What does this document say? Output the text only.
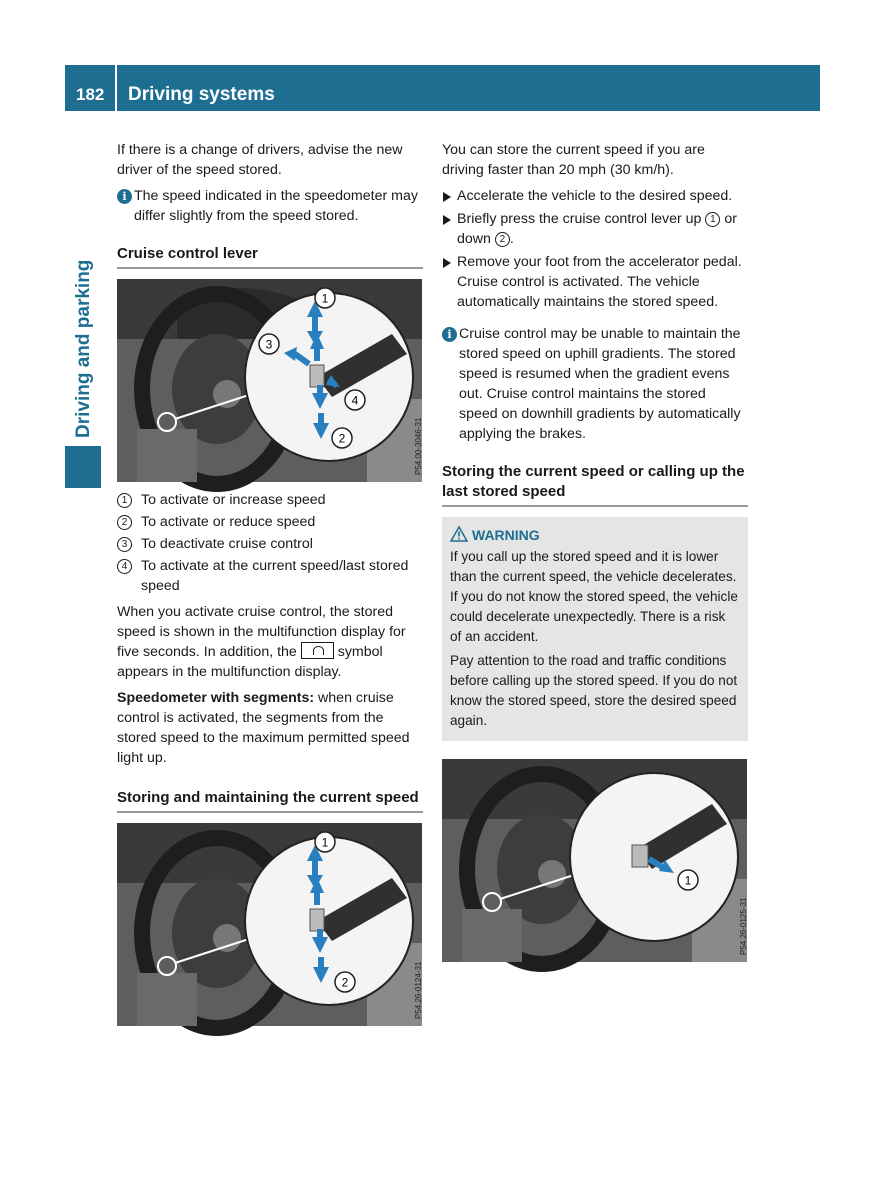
182	Driving systems
Driving and parking

If there is a change of drivers, advise the new driver of the speed stored.

i The speed indicated in the speedometer may differ slightly from the speed stored.
Cruise control lever
1
3
4
2	P54.00-3046-31
1 To activate or increase speed
2 To activate or reduce speed
3 To deactivate cruise control
4 To activate at the current speed/last stored speed

When you activate cruise control, the stored speed is shown in the multifunction display for five seconds. In addition, the	symbol appears in the multifunction display.

Speedometer with segments: when cruise control is activated, the segments from the stored speed to the maximum permitted speed light up.

Storing and maintaining the current speed
1
2	P54.26-0124-31

You can store the current speed if you are driving faster than 20 mph (30 km/h).

Accelerate the vehicle to the desired speed.
Briefly press the cruise control lever up 1 or down 2 .
Remove your foot from the accelerator pedal.
Cruise control is activated. The vehicle automatically maintains the stored speed.
i Cruise control may be unable to maintain the stored speed on uphill gradients. The stored speed is resumed when the gradient evens out. Cruise control maintains the stored speed on downhill gradients by automatically applying the brakes.
Storing the current speed or calling up the last stored speed
WARNING

If you call up the stored speed and it is lower than the current speed, the vehicle decelerates. If you do not know the stored speed, the vehicle could decelerate unexpectedly. There is a risk of an accident.

Pay attention to the road and traffic conditions before calling up the stored speed. If you do not know the stored speed, store the desired speed again.

1
P54.26-0125-31
